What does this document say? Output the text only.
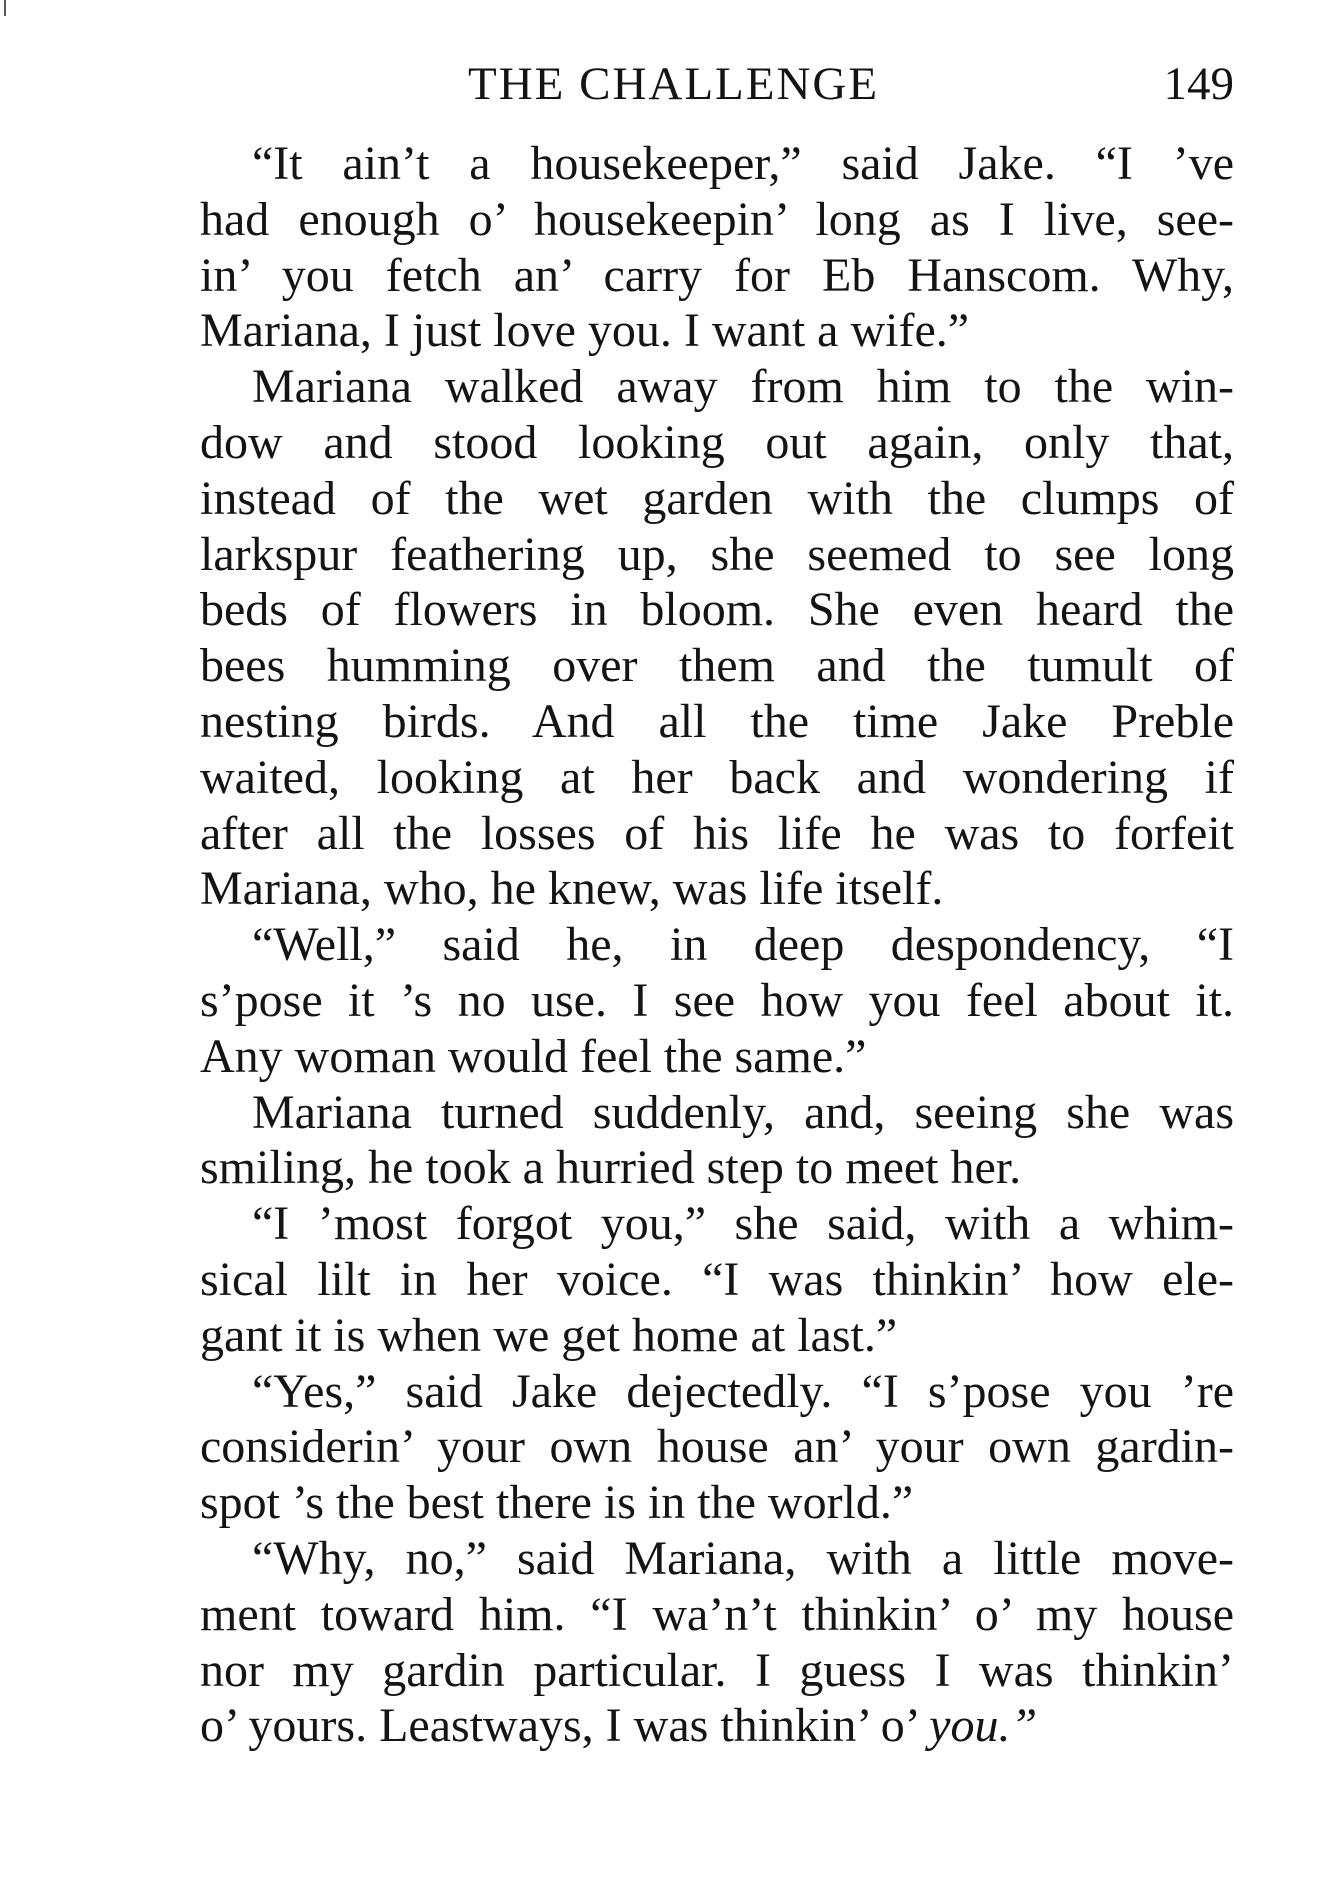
THE CHALLENGE	149
“It ain’t a housekeeper,” said Jake. “I ’ve
had enough o’ housekeepin’ long as I live, see-
in’ you fetch an’ carry for Eb Hanscom. Why,
Mariana, I just love you. I want a wife.”
Mariana walked away from him to the win-
dow and stood looking out again, only that,
instead of the wet garden with the clumps of
larkspur feathering up, she seemed to see long
beds of flowers in bloom. She even heard the
bees humming over them and the tumult of
nesting birds. And all the time Jake Preble
waited, looking at her back and wondering if
after all the losses of his life he was to forfeit
Mariana, who, he knew, was life itself.
“Well,” said he, in deep despondency, “I
s’pose it ’s no use. I see how you feel about it.
Any woman would feel the same.”
Mariana turned suddenly, and, seeing she was
smiling, he took a hurried step to meet her.
“I ’most forgot you,” she said, with a whim-
sical lilt in her voice. “I was thinkin’ how ele-
gant it is when we get home at last.”
“Yes,” said Jake dejectedly. “I s’pose you ’re
considerin’ your own house an’ your own gardin-
spot ’s the best there is in the world.”
“Why, no,” said Mariana, with a little move-
ment toward him. “I wa’n’t thinkin’ o’ my house
nor my gardin particular. I guess I was thinkin’
o’ yours. Leastways, I was thinkin’ o’ you.”
